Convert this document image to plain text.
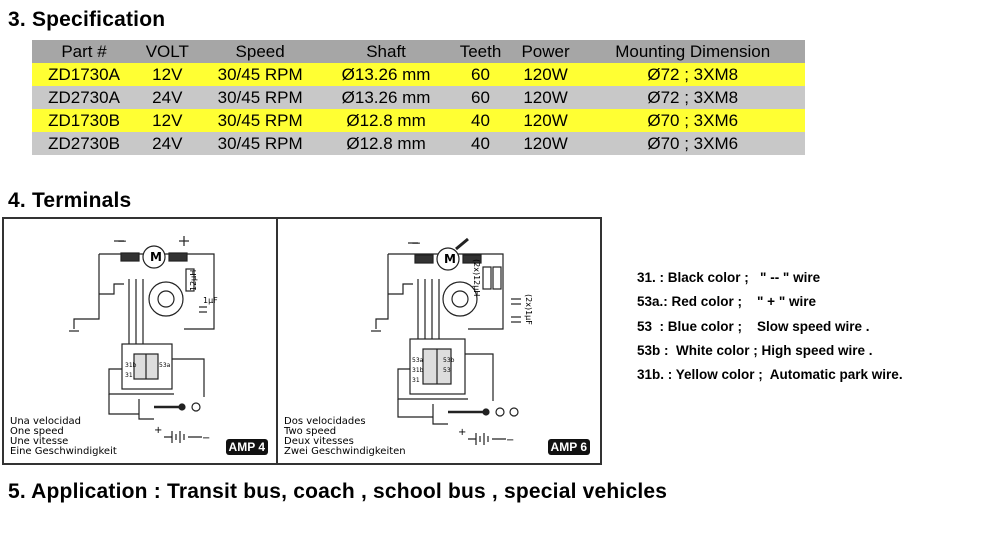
3. Specification
Part #	VOLT	Speed	Shaft	Teeth	Power	Mounting Dimension
ZD1730A	12V	30/45 RPM	Ø13.26 mm	60	120W	Ø72 ; 3XM8
ZD2730A	24V	30/45 RPM	Ø13.26 mm	60	120W	Ø72 ; 3XM8
ZD1730B	12V	30/45 RPM	Ø12.8 mm	40	120W	Ø70 ; 3XM6
ZD2730B	24V	30/45 RPM	Ø12.8 mm	40	120W	Ø70 ; 3XM6
4. Terminals
M
−
12μH
1μF
31b	53a
31
+
−
Una velocidad
One speed
Une vitesse
Eine Geschwindigkeit	AMP 4
M
−
(2x)12μH
(2x)1μF
53a	53b
31b	53
31
+
−
Dos velocidades
Two speed
Deux vitesses
Zwei Geschwindigkeiten	AMP 6
31. : Black color ;   " -- " wire
53a.: Red color ;    " + " wire
53  : Blue color ;    Slow speed wire .
53b :  White color ; High speed wire .
31b. : Yellow color ;  Automatic park wire.
5. Application : Transit bus, coach , school bus , special vehicles
